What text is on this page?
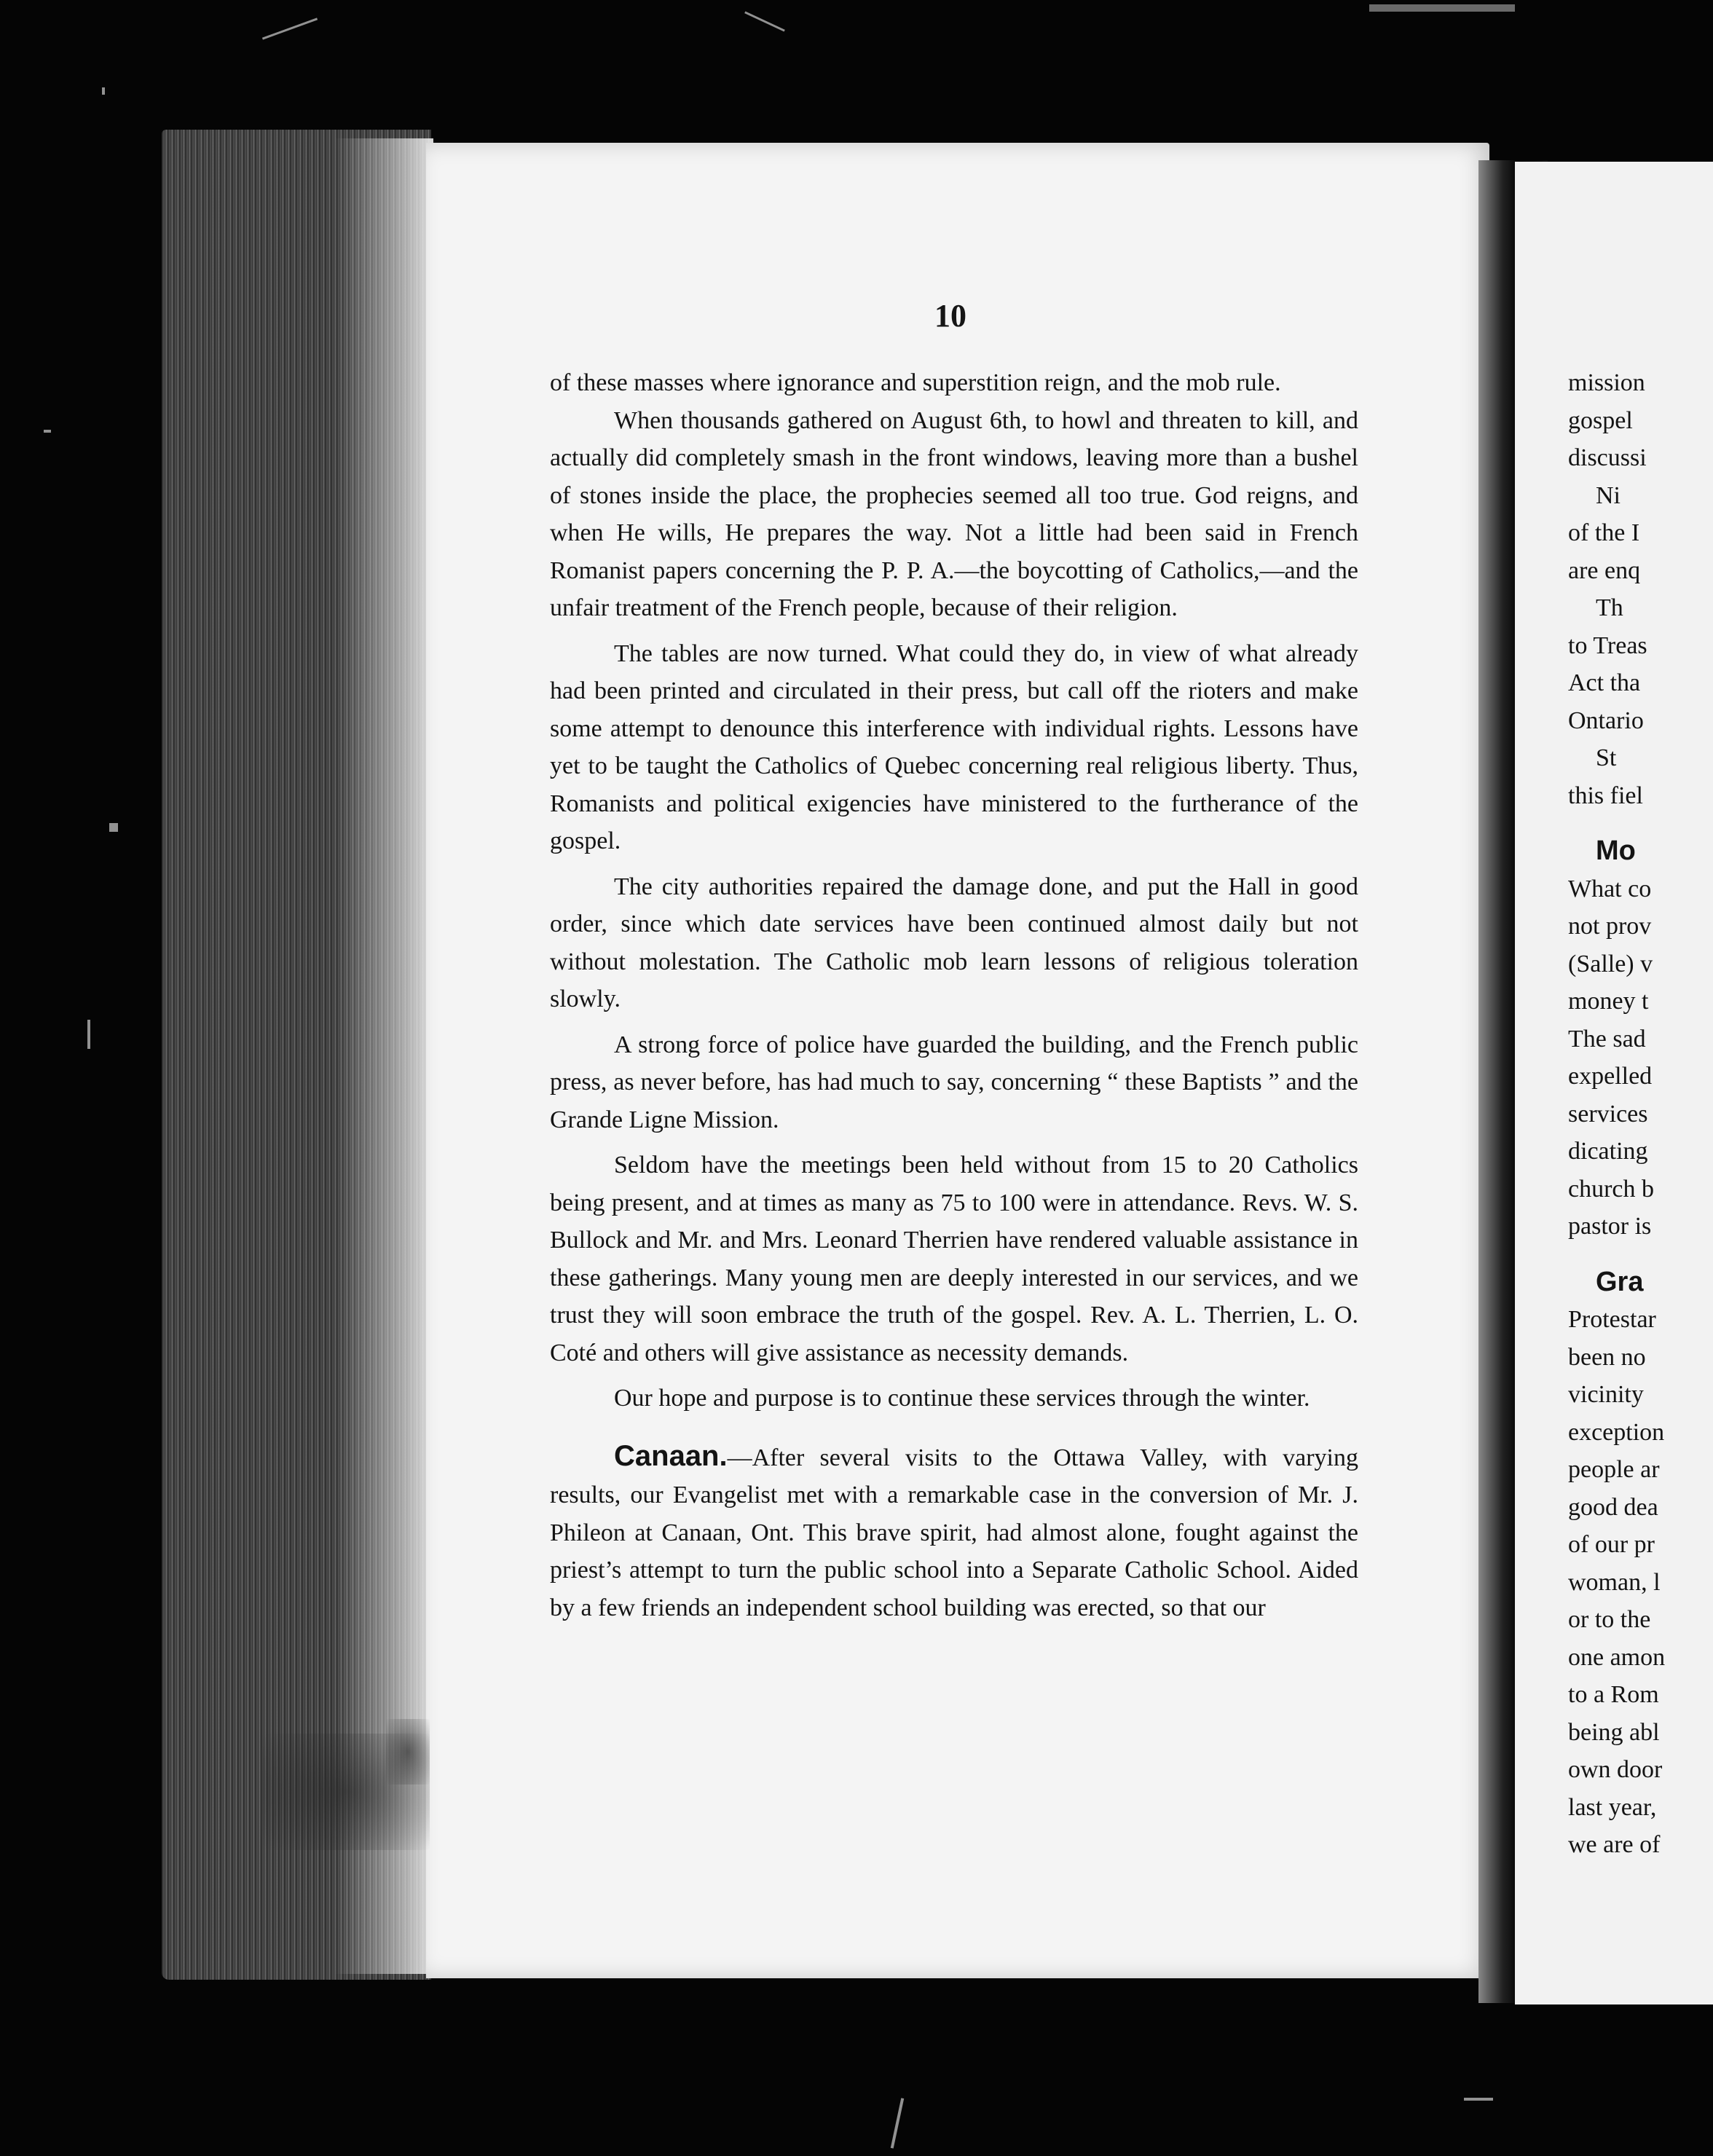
10

of these masses where ignorance and superstition reign, and the mob rule.

When thousands gathered on August 6th, to howl and threaten to kill, and actually did completely smash in the front windows, leaving more than a bushel of stones inside the place, the prophecies seemed all too true. God reigns, and when He wills, He prepares the way. Not a little had been said in French Romanist papers concerning the P. P. A.—the boycotting of Catholics,—and the unfair treatment of the French people, because of their religion.

The tables are now turned. What could they do, in view of what already had been printed and circulated in their press, but call off the rioters and make some attempt to denounce this interference with individual rights. Lessons have yet to be taught the Catholics of Quebec concerning real religious liberty. Thus, Romanists and political exigencies have ministered to the furtherance of the gospel.

The city authorities repaired the damage done, and put the Hall in good order, since which date services have been continued almost daily but not without molestation. The Catholic mob learn lessons of religious toleration slowly.

A strong force of police have guarded the building, and the French public press, as never before, has had much to say, concerning “ these Baptists ” and the Grande Ligne Mission.

Seldom have the meetings been held without from 15 to 20 Catholics being present, and at times as many as 75 to 100 were in attendance. Revs. W. S. Bullock and Mr. and Mrs. Leonard Therrien have rendered valuable assistance in these gatherings. Many young men are deeply interested in our services, and we trust they will soon embrace the truth of the gospel. Rev. A. L. Therrien, L. O. Coté and others will give assistance as necessity demands.

Our hope and purpose is to continue these services through the winter.

Canaan.—After several visits to the Ottawa Valley, with varying results, our Evangelist met with a remarkable case in the conversion of Mr. J. Phileon at Canaan, Ont. This brave spirit, had almost alone, fought against the priest’s attempt to turn the public school into a Separate Catholic School. Aided by a few friends an independent school building was erected, so that our

mission
gospel
discussi
Ni
of the I
are enq
Th
to Treas
Act tha
Ontario
St
this fiel
Mo
What co
not prov
(Salle) v
money t
The sad
expelled
services
dicating
church b
pastor is
Gra
Protestar
been no
vicinity
exception
people ar
good dea
of our pr
woman, l
or to the
one amon
to a Rom
being abl
own door
last year,
we are of
